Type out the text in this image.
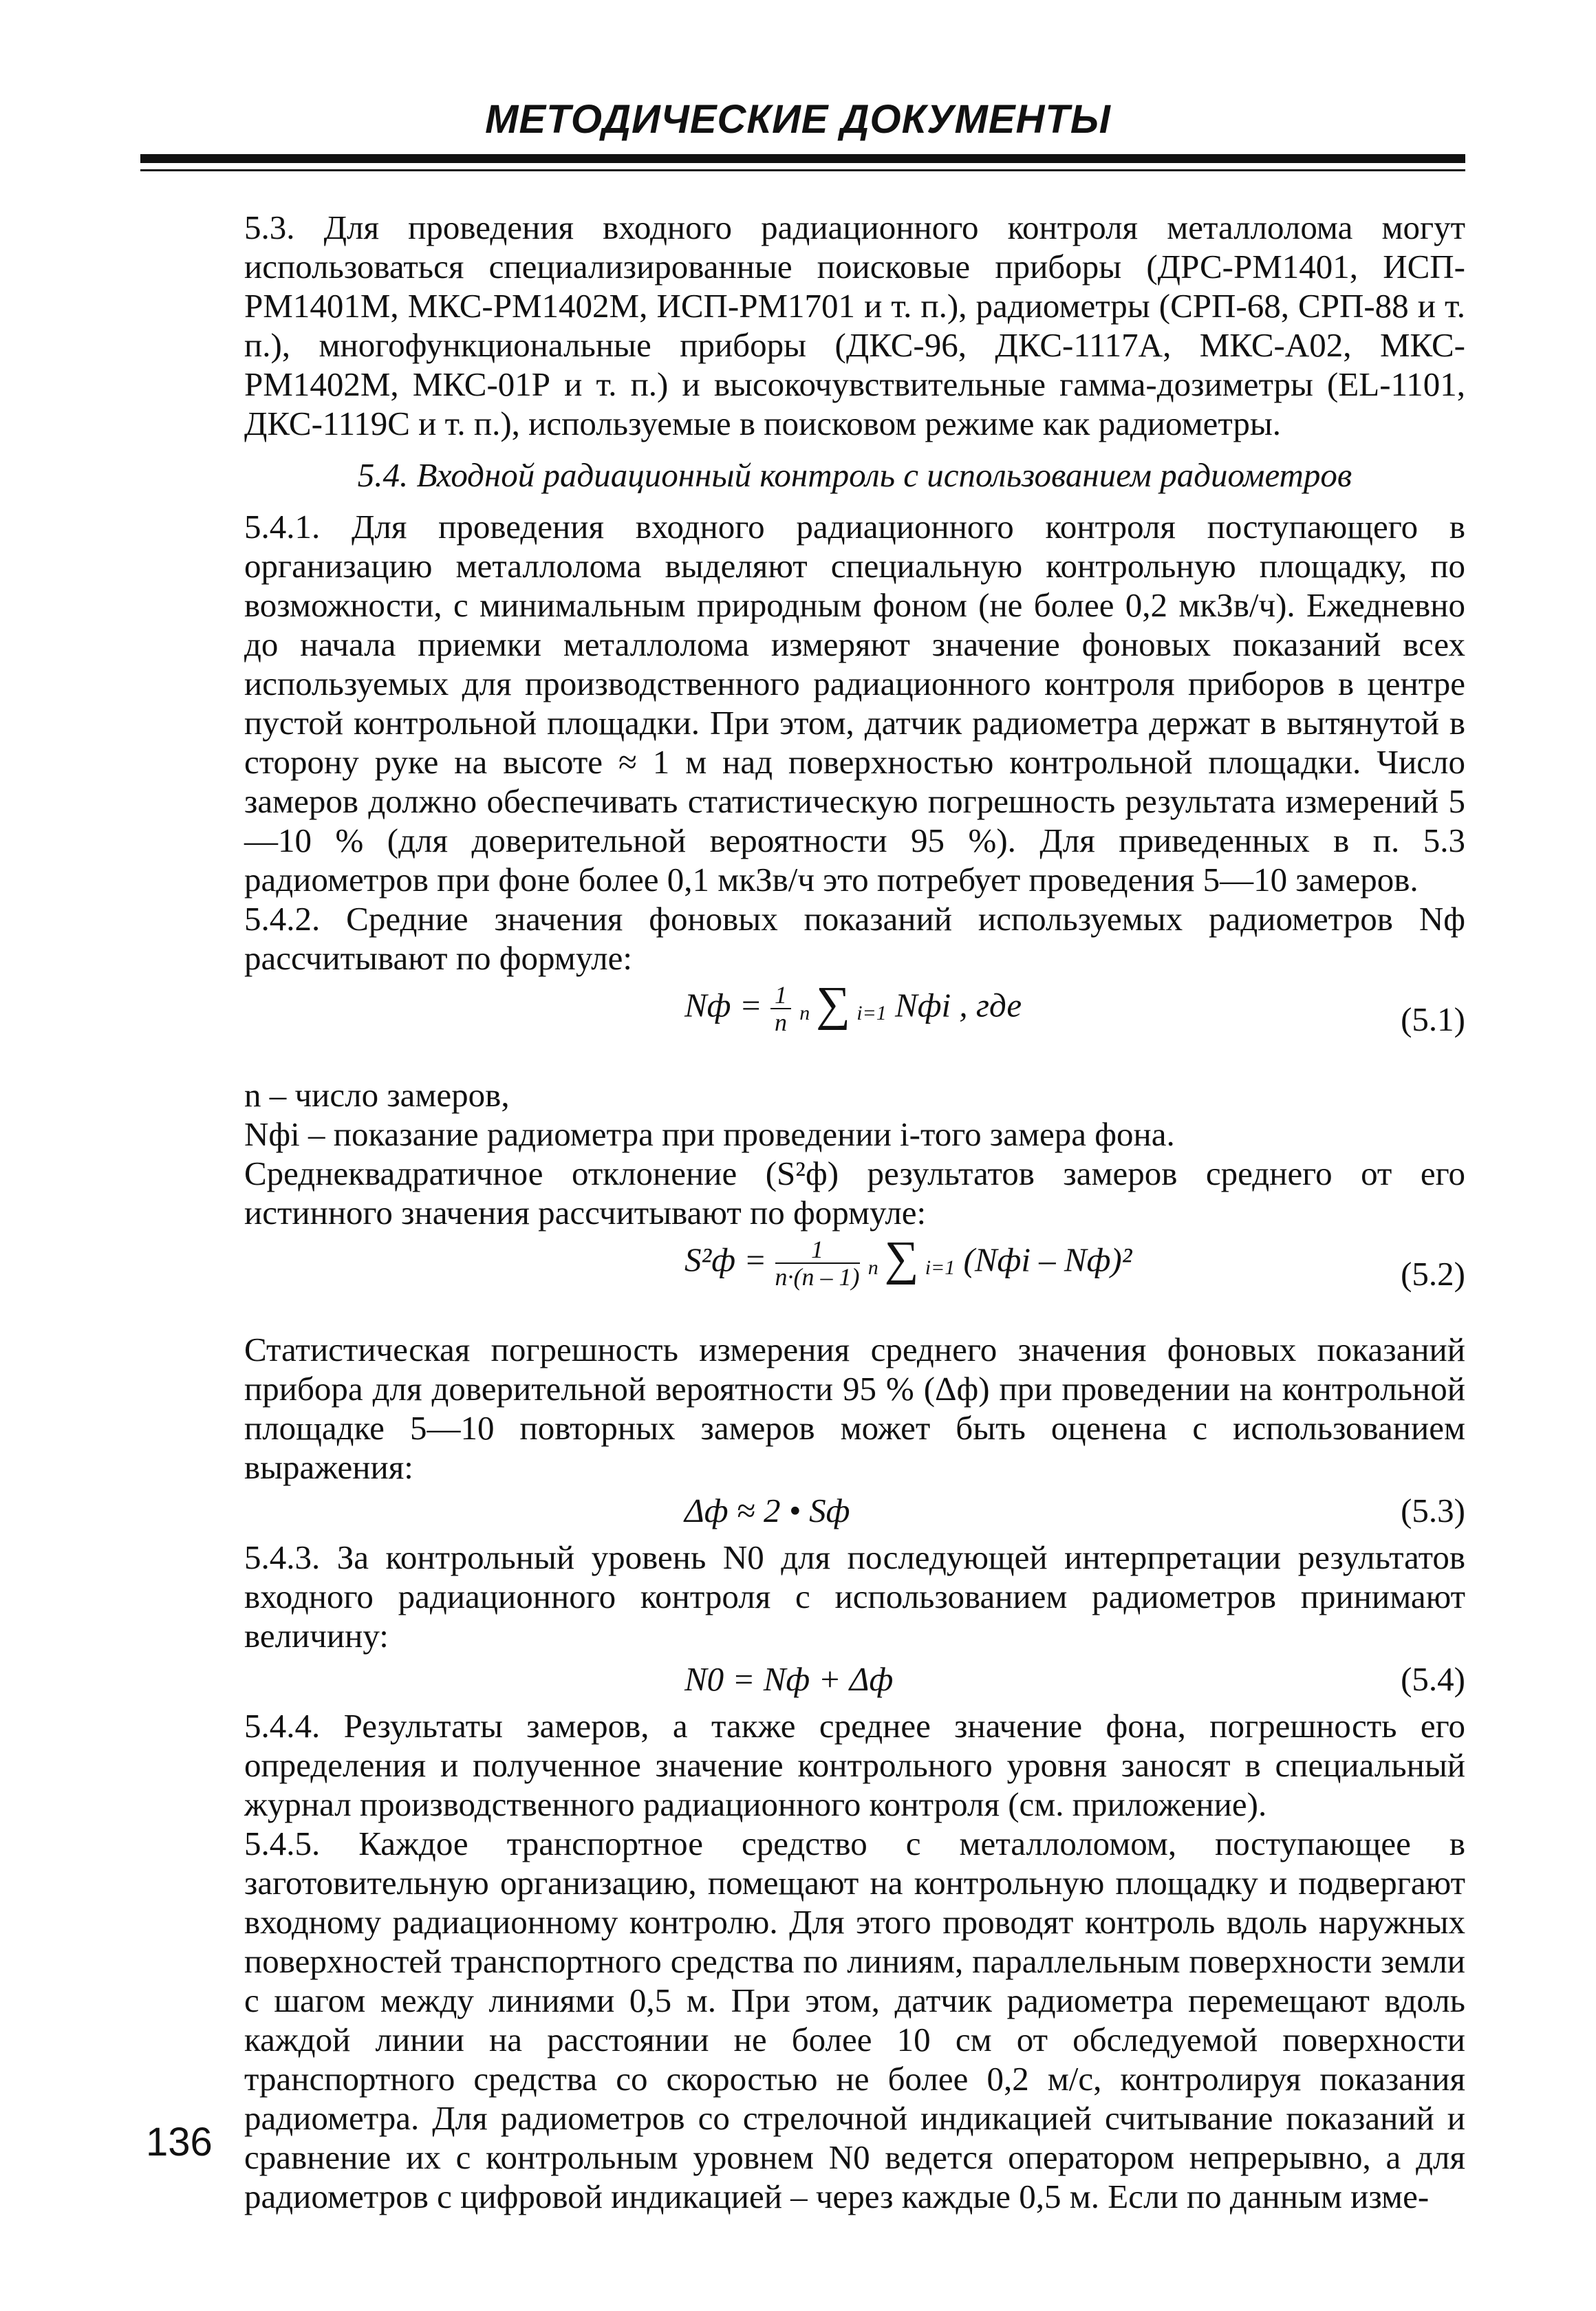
МЕТОДИЧЕСКИЕ ДОКУМЕНТЫ

5.3. Для проведения входного радиационного контроля металлолома могут использоваться специализированные поисковые приборы (ДРС-РМ1401, ИСП-РМ1401М, МКС-РМ1402М, ИСП-РМ1701 и т. п.), радиометры (СРП-68, СРП-88 и т. п.), многофункциональные приборы (ДКС-96, ДКС-1117А, МКС-А02, МКС-РМ1402М, МКС-01Р и т. п.) и высокочувствительные гамма-дозиметры (EL-1101, ДКС-1119С и т. п.), используемые в поисковом режиме как радиометры.

5.4. Входной радиационный контроль с использованием радиометров

5.4.1. Для проведения входного радиационного контроля поступающего в организацию металлолома выделяют специальную контрольную площадку, по возможности, с минимальным природным фоном (не более 0,2 мкЗв/ч). Ежедневно до начала приемки металлолома измеряют значение фоновых показаний всех используемых для производственного радиационного контроля приборов в центре пустой контрольной площадки. При этом, датчик радиометра держат в вытянутой в сторону руке на высоте ≈ 1 м над поверхностью контрольной площадки. Число замеров должно обеспечивать статистическую погрешность результата измерений 5—10 % (для доверительной вероятности 95 %). Для приведенных в п. 5.3 радиометров при фоне более 0,1 мкЗв/ч это потребует проведения 5—10 замеров.

5.4.2. Средние значения фоновых показаний используемых радиометров Nф рассчитывают по формуле:

Nф = $\frac{1}{n}$ n ∑ i=1 Nфi , где	(5.1)

n – число замеров,

Nфi – показание радиометра при проведении i-того замера фона.

Среднеквадратичное отклонение (S²ф) результатов замеров среднего от его истинного значения рассчитывают по формуле:

$S^2ф = \frac{1}{n\cdot(n - 1)}$ n ∑ i=1 (Nфi – Nф)²	(5.2)

Статистическая погрешность измерения среднего значения фоновых показаний прибора для доверительной вероятности 95 % (Δф) при проведении на контрольной площадке 5—10 повторных замеров может быть оценена с использованием выражения:

Δф ≈ 2 • Sф	(5.3)

5.4.3. За контрольный уровень N0 для последующей интерпретации результатов входного радиационного контроля с использованием радиометров принимают величину:

N0 = Nф + Δф	(5.4)

5.4.4. Результаты замеров, а также среднее значение фона, погрешность его определения и полученное значение контрольного уровня заносят в специальный журнал производственного радиационного контроля (см. приложение).

5.4.5. Каждое транспортное средство с металлоломом, поступающее в заготовительную организацию, помещают на контрольную площадку и подвергают входному радиационному контролю. Для этого проводят контроль вдоль наружных поверхностей транспортного средства по линиям, параллельным поверхности земли с шагом между линиями 0,5 м. При этом, датчик радиометра перемещают вдоль каждой линии на расстоянии не более 10 см от обследуемой поверхности транспортного средства со скоростью не более 0,2 м/с, контролируя показания радиометра. Для радиометров со стрелочной индикацией считывание показаний и сравнение их с контрольным уровнем N0 ведется оператором непрерывно, а для радиометров с цифровой индикацией – через каждые 0,5 м. Если по данным изме-

136
